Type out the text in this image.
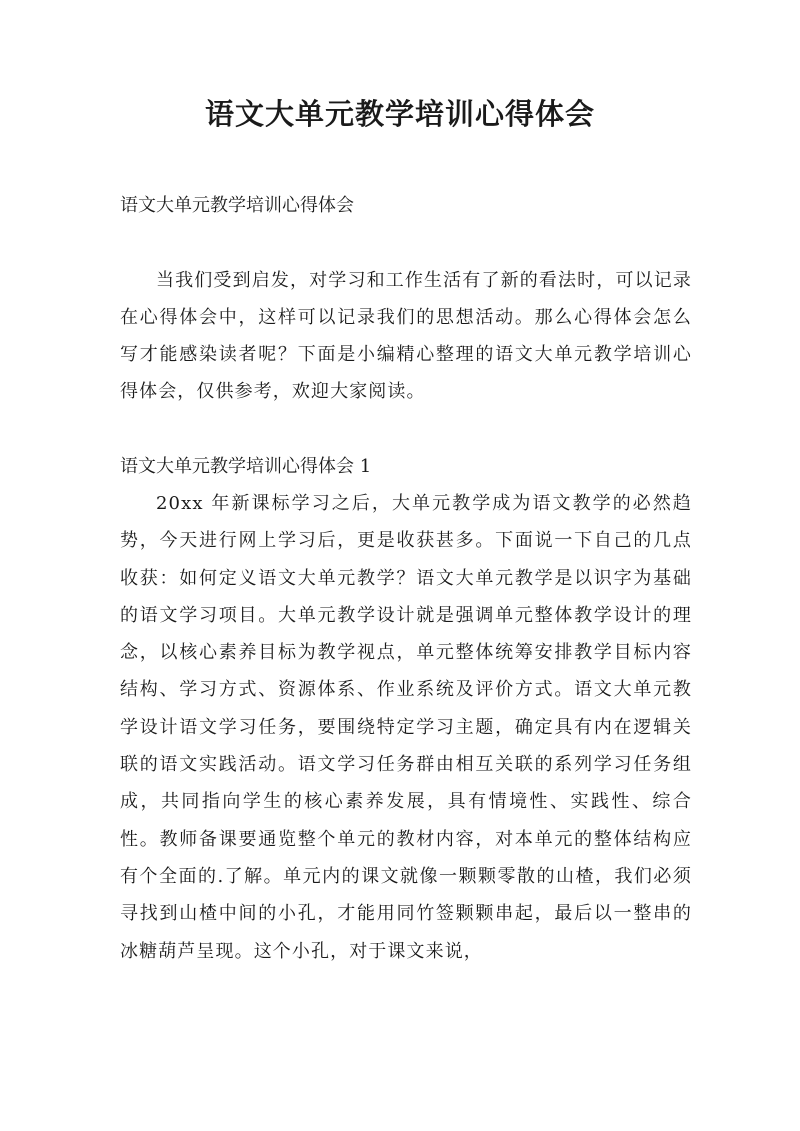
语文大单元教学培训心得体会

语文大单元教学培训心得体会

当我们受到启发，对学习和工作生活有了新的看法时，可以记录在心得体会中，这样可以记录我们的思想活动。那么心得体会怎么写才能感染读者呢？下面是小编精心整理的语文大单元教学培训心得体会，仅供参考，欢迎大家阅读。

语文大单元教学培训心得体会 1

20xx 年新课标学习之后，大单元教学成为语文教学的必然趋势，今天进行网上学习后，更是收获甚多。下面说一下自己的几点收获：如何定义语文大单元教学？语文大单元教学是以识字为基础的语文学习项目。大单元教学设计就是强调单元整体教学设计的理念，以核心素养目标为教学视点，单元整体统筹安排教学目标内容结构、学习方式、资源体系、作业系统及评价方式。语文大单元教学设计语文学习任务，要围绕特定学习主题，确定具有内在逻辑关联的语文实践活动。语文学习任务群由相互关联的系列学习任务组成，共同指向学生的核心素养发展，具有情境性、实践性、综合性。教师备课要通览整个单元的教材内容，对本单元的整体结构应有个全面的.了解。单元内的课文就像一颗颗零散的山楂，我们必须寻找到山楂中间的小孔，才能用同竹签颗颗串起，最后以一整串的冰糖葫芦呈现。这个小孔，对于课文来说，
